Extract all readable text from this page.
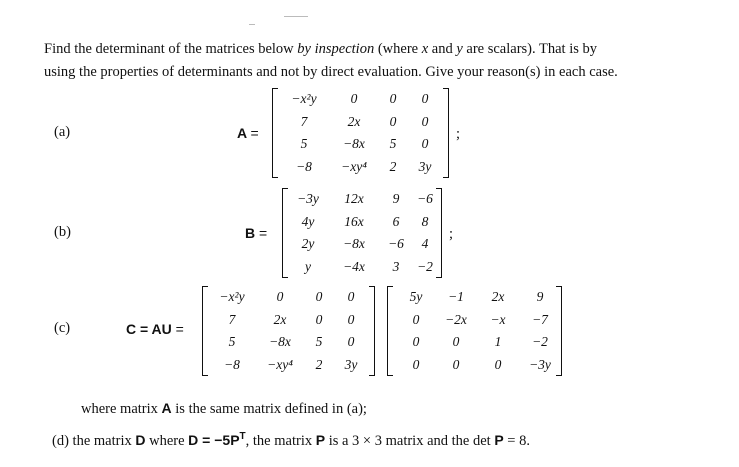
Find the determinant of the matrices below by inspection (where x and y are scalars). That is by
using the properties of determinants and not by direct evaluation. Give your reason(s) in each case.
(a)	A =
−x²y	0	0	0
7	2x	0	0
5	−8x	5	0
−8	−xy⁴	2	3y
;
(b)	B =
−3y	12x	9	−6
4y	16x	6	8
2y	−8x	−6	4
y	−4x	3	−2
;
(c)	C = AU =
−x²y	0	0	0
7	2x	0	0
5	−8x	5	0
−8	−xy⁴	2	3y
5y	−1	2x	9
0	−2x	−x	−7
0	0	1	−2
0	0	0	−3y
where matrix A is the same matrix defined in (a);
(d) the matrix D where $D = -5P^T$, the matrix P is a 3 × 3 matrix and the det P = 8.
